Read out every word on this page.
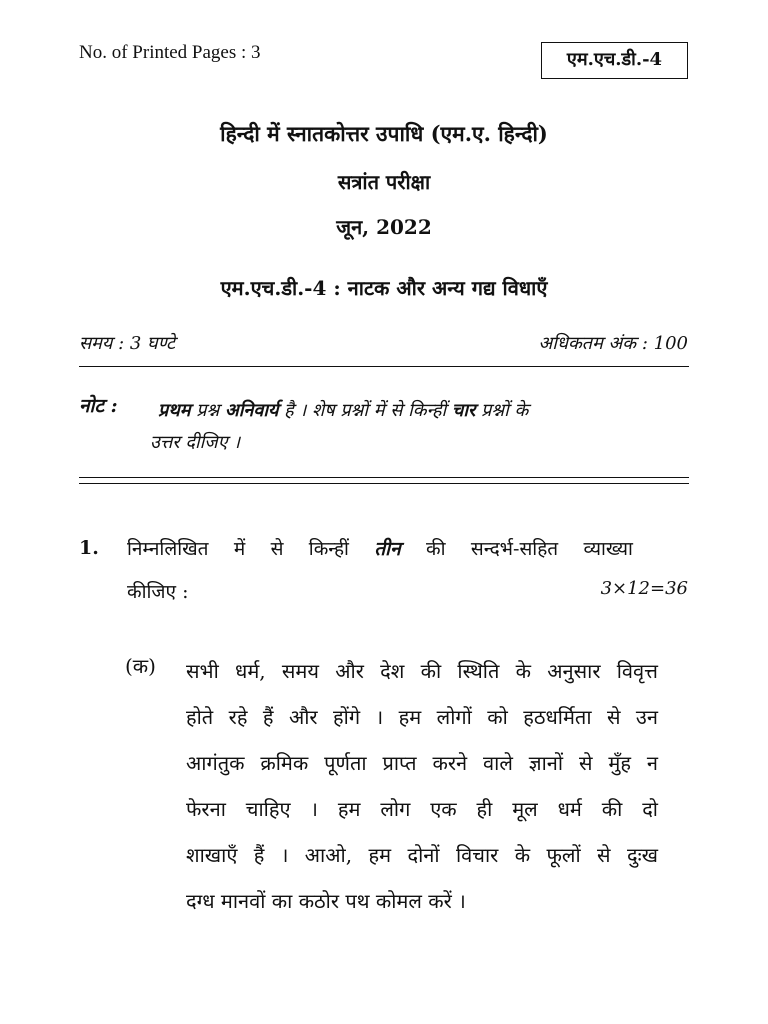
No. of Printed Pages : 3	एम.एच.डी.-4
हिन्दी में स्नातकोत्तर उपाधि (एम.ए. हिन्दी)
सत्रांत परीक्षा
जून, 2022
एम.एच.डी.-4 : नाटक और अन्य गद्य विधाएँ
समय : 3 घण्टे	अधिकतम अंक : 100
नोट : प्रथम प्रश्न अनिवार्य है । शेष प्रश्नों में से किन्हीं चार प्रश्नों के
उत्तर दीजिए ।
1. निम्नलिखित में से किन्हीं तीन की सन्दर्भ-सहित व्याख्या
कीजिए :	3×12=36
(क) सभी धर्म, समय और देश की स्थिति के अनुसार विवृत्त
होते रहे हैं और होंगे । हम लोगों को हठधर्मिता से उन
आगंतुक क्रमिक पूर्णता प्राप्त करने वाले ज्ञानों से मुँह न
फेरना चाहिए । हम लोग एक ही मूल धर्म की दो
शाखाएँ हैं । आओ, हम दोनों विचार के फूलों से दुःख
दग्ध मानवों का कठोर पथ कोमल करें ।
